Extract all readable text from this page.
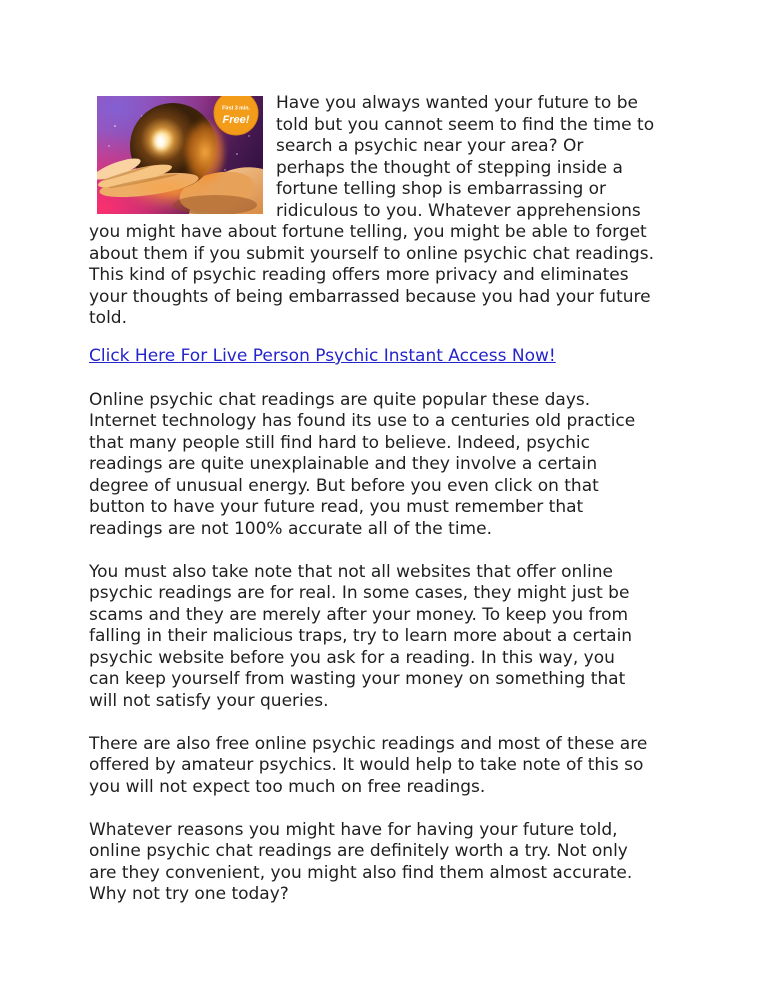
First 3 min.
Free!
Have you always wanted your future to be
told but you cannot seem to find the time to
search a psychic near your area? Or
perhaps the thought of stepping inside a
fortune telling shop is embarrassing or
ridiculous to you. Whatever apprehensions
you might have about fortune telling, you might be able to forget
about them if you submit yourself to online psychic chat readings.
This kind of psychic reading offers more privacy and eliminates
your thoughts of being embarrassed because you had your future
told.
Click Here For Live Person Psychic Instant Access Now!
Online psychic chat readings are quite popular these days.
Internet technology has found its use to a centuries old practice
that many people still find hard to believe. Indeed, psychic
readings are quite unexplainable and they involve a certain
degree of unusual energy. But before you even click on that
button to have your future read, you must remember that
readings are not 100% accurate all of the time.
You must also take note that not all websites that offer online
psychic readings are for real. In some cases, they might just be
scams and they are merely after your money. To keep you from
falling in their malicious traps, try to learn more about a certain
psychic website before you ask for a reading. In this way, you
can keep yourself from wasting your money on something that
will not satisfy your queries.
There are also free online psychic readings and most of these are
offered by amateur psychics. It would help to take note of this so
you will not expect too much on free readings.
Whatever reasons you might have for having your future told,
online psychic chat readings are definitely worth a try. Not only
are they convenient, you might also find them almost accurate.
Why not try one today?
